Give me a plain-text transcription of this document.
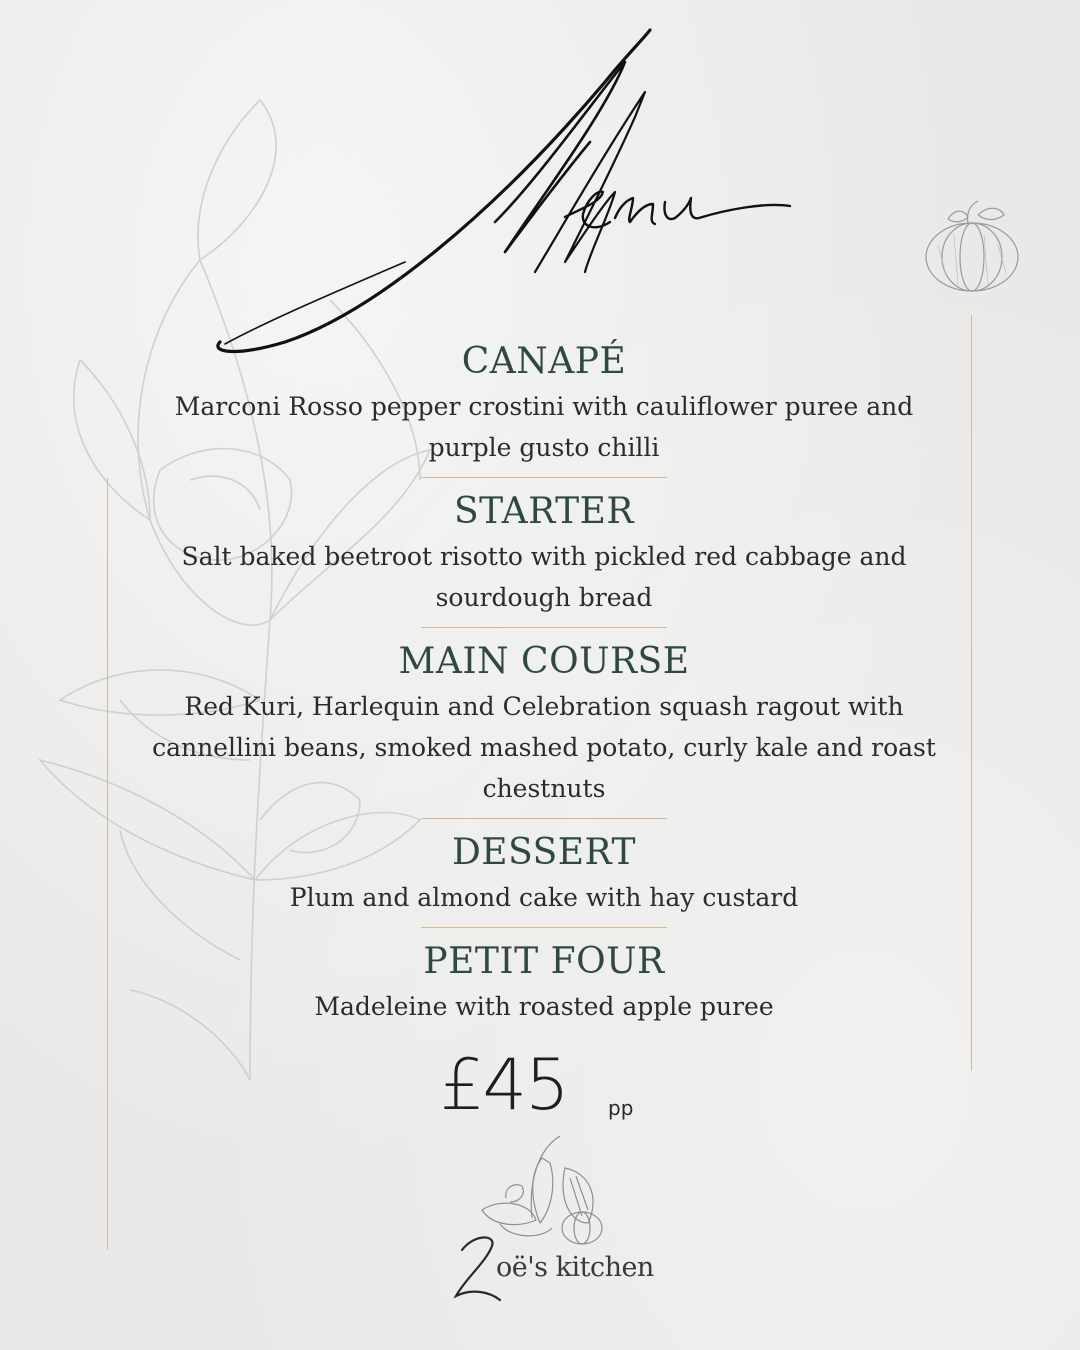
CANAPÉ

Marconi Rosso pepper crostini with cauliflower puree and

purple gusto chilli

STARTER

Salt baked beetroot risotto with pickled red cabbage and

sourdough bread

MAIN COURSE

Red Kuri, Harlequin and Celebration squash ragout with

cannellini beans, smoked mashed potato, curly kale and roast

chestnuts

DESSERT

Plum and almond cake with hay custard

PETIT FOUR

Madeleine with roasted apple puree

£45 pp
oë's kitchen
